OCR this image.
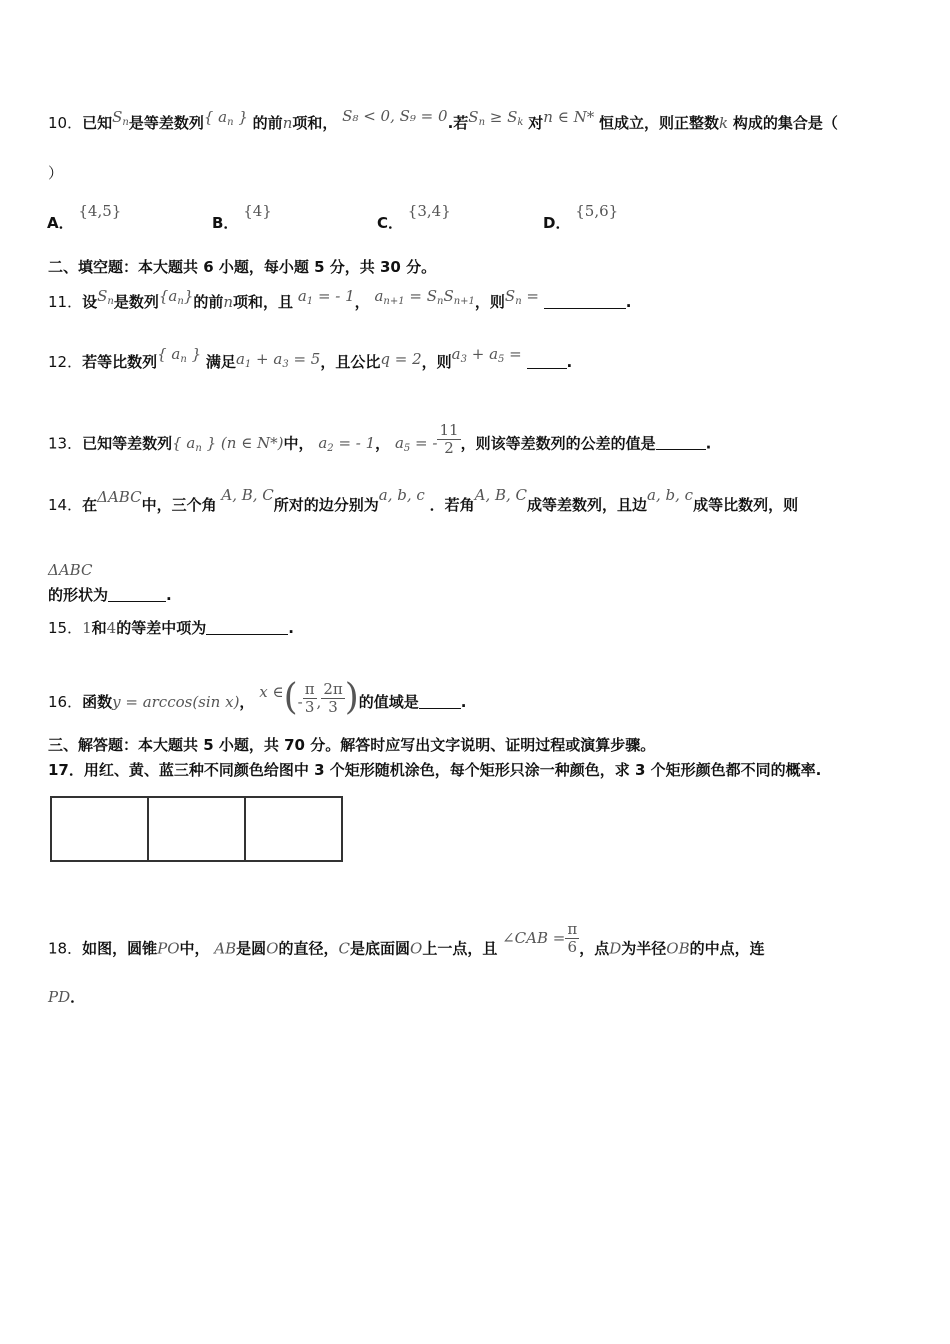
10．已知$S_n$是等差数列{ $a_n$ } 的前n项和， S₈ < 0, S₉ = 0.若$S_n \ge S_k$ 对n ∈ N* 恒成立，则正整数k 构成的集合是（
）
A． {4,5}
B． {4}
C． {3,4}
D． {5,6}
二、填空题：本大题共 6 小题，每小题 5 分，共 30 分。
11．设$S_n$是数列$\{a_n\}$的前n项和，且 $a_1$ = - 1， $a_{n+1} = S_nS_{n+1}$，则$S_n$ =	.
12．若等比数列{ $a_n$ } 满足$a_1 + a_3 = 5$，且公比q = 2，则$a_3 + a_5$ =	.
13．已知等差数列{ $a_n$ } (n ∈ N*)中， $a_2$ = - 1， $a_5$ = - $\frac{11}{2}$ ，则该等差数列的公差的值是	.
14．在ΔABC中，三个角 A, B, C所对的边分别为a, b, c ．若角A, B, C成等差数列，且边a, b, c成等比数列，则
ΔABC
的形状为	.
15．1和4的等差中项为	.
16．函数y = arccos(sin x)， x ∈(- $\frac{\pi}{3}$ , $\frac{2\pi}{3}$ )的值域是	.
三、解答题：本大题共 5 小题，共 70 分。解答时应写出文字说明、证明过程或演算步骤。
17．用红、黄、蓝三种不同颜色给图中 3 个矩形随机涂色，每个矩形只涂一种颜色，求 3 个矩形颜色都不同的概率.
18．如图，圆锥PO中， AB是圆O的直径，C是底面圆O上一点，且 ∠CAB = $\frac{\pi}{6}$ ，点D为半径OB的中点，连
PD．
